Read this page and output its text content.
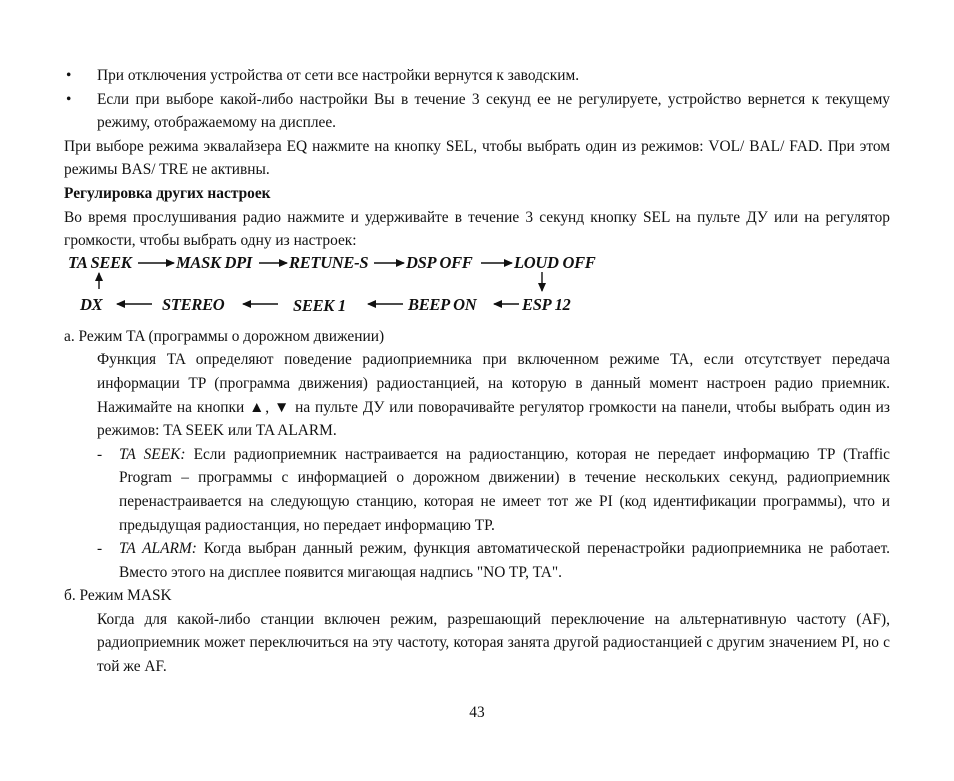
• При отключения устройства от сети все настройки вернутся к заводским.

• Если при выборе какой-либо настройки Вы в течение 3 секунд ее не регулируете, устройство вернется к текущему режиму, отображаемому на дисплее.

При выборе режима эквалайзера EQ нажмите на кнопку SEL, чтобы выбрать один из режимов: VOL/ BAL/ FAD. При этом режимы BAS/ TRE не активны.

Регулировка других настроек

Во время прослушивания радио нажмите и удерживайте в течение 3 секунд кнопку SEL на пульте ДУ или на регулятор громкости, чтобы выбрать одну из настроек:

TA SEEK	MASK DPI RETUNE-S DSP OFF	LOUD OFF
DX	STEREO	SEEK 1	BEEP ON	ESP 12

а. Режим TA (программы о дорожном движении)

Функция TA определяют поведение радиоприемника при включенном режиме TA, если отсутствует передача информации TP (программа движения) радиостанцией, на которую в данный момент настроен радио приемник. Нажимайте на кнопки ▲, ▼ на пульте ДУ или поворачивайте регулятор громкости на панели, чтобы выбрать один из режимов: TA SEEK или TA ALARM.

- TA SEEK: Если радиоприемник настраивается на радиостанцию, которая не передает информацию TP (Traffic Program – программы с информацией о дорожном движении) в течение нескольких секунд, радиоприемник перенастраивается на следующую станцию, которая не имеет тот же PI (код идентификации программы), что и предыдущая радиостанция, но передает информацию TP.

- TA ALARM: Когда выбран данный режим, функция автоматической перенастройки радиоприемника не работает. Вместо этого на дисплее появится мигающая надпись "NO TP, TA".

б. Режим MASK

Когда для какой-либо станции включен режим, разрешающий переключение на альтернативную частоту (AF), радиоприемник может переключиться на эту частоту, которая занята другой радиостанцией с другим значением PI, но с той же AF.

43
